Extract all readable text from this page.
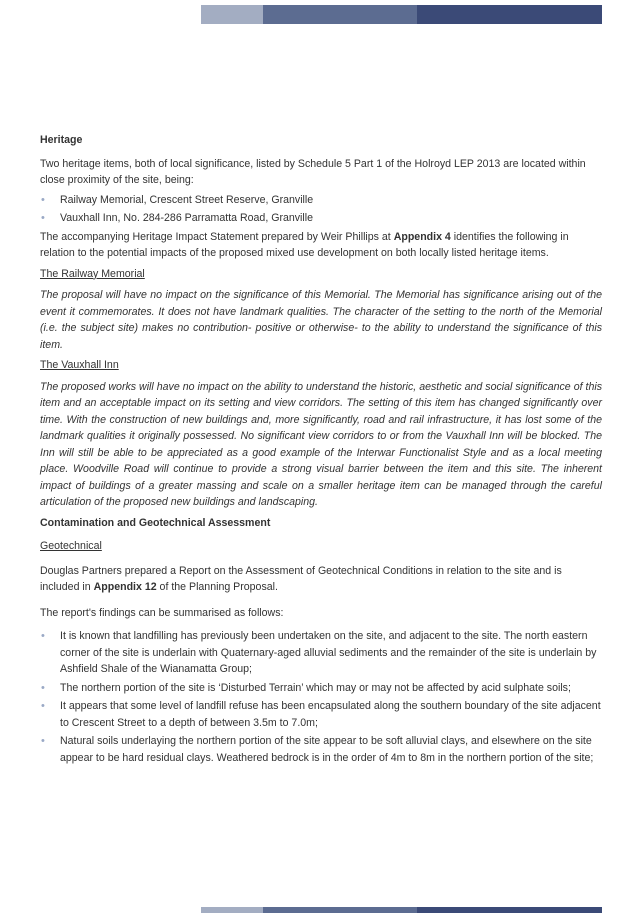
Heritage

Two heritage items, both of local significance, listed by Schedule 5 Part 1 of the Holroyd LEP 2013 are located within close proximity of the site, being:

• Railway Memorial, Crescent Street Reserve, Granville
• Vauxhall Inn, No. 284-286 Parramatta Road, Granville

The accompanying Heritage Impact Statement prepared by Weir Phillips at Appendix 4 identifies the following in relation to the potential impacts of the proposed mixed use development on both locally listed heritage items.

The Railway Memorial

The proposal will have no impact on the significance of this Memorial. The Memorial has significance arising out of the event it commemorates. It does not have landmark qualities. The character of the setting to the north of the Memorial (i.e. the subject site) makes no contribution- positive or otherwise- to the ability to understand the significance of this item.

The Vauxhall Inn

The proposed works will have no impact on the ability to understand the historic, aesthetic and social significance of this item and an acceptable impact on its setting and view corridors. The setting of this item has changed significantly over time. With the construction of new buildings and, more significantly, road and rail infrastructure, it has lost some of the landmark qualities it originally possessed. No significant view corridors to or from the Vauxhall Inn will be blocked. The Inn will still be able to be appreciated as a good example of the Interwar Functionalist Style and as a local meeting place. Woodville Road will continue to provide a strong visual barrier between the item and this site. The inherent impact of buildings of a greater massing and scale on a smaller heritage item can be managed through the careful articulation of the proposed new buildings and landscaping.

Contamination and Geotechnical Assessment

Geotechnical

Douglas Partners prepared a Report on the Assessment of Geotechnical Conditions in relation to the site and is included in Appendix 12 of the Planning Proposal.

The report's findings can be summarised as follows:

• It is known that landfilling has previously been undertaken on the site, and adjacent to the site. The north eastern corner of the site is underlain with Quaternary-aged alluvial sediments and the remainder of the site is underlain by Ashfield Shale of the Wianamatta Group;
• The northern portion of the site is ‘Disturbed Terrain’ which may or may not be affected by acid sulphate soils;
• It appears that some level of landfill refuse has been encapsulated along the southern boundary of the site adjacent to Crescent Street to a depth of between 3.5m to 7.0m;
• Natural soils underlaying the northern portion of the site appear to be soft alluvial clays, and elsewhere on the site appear to be hard residual clays. Weathered bedrock is in the order of 4m to 8m in the northern portion of the site;
